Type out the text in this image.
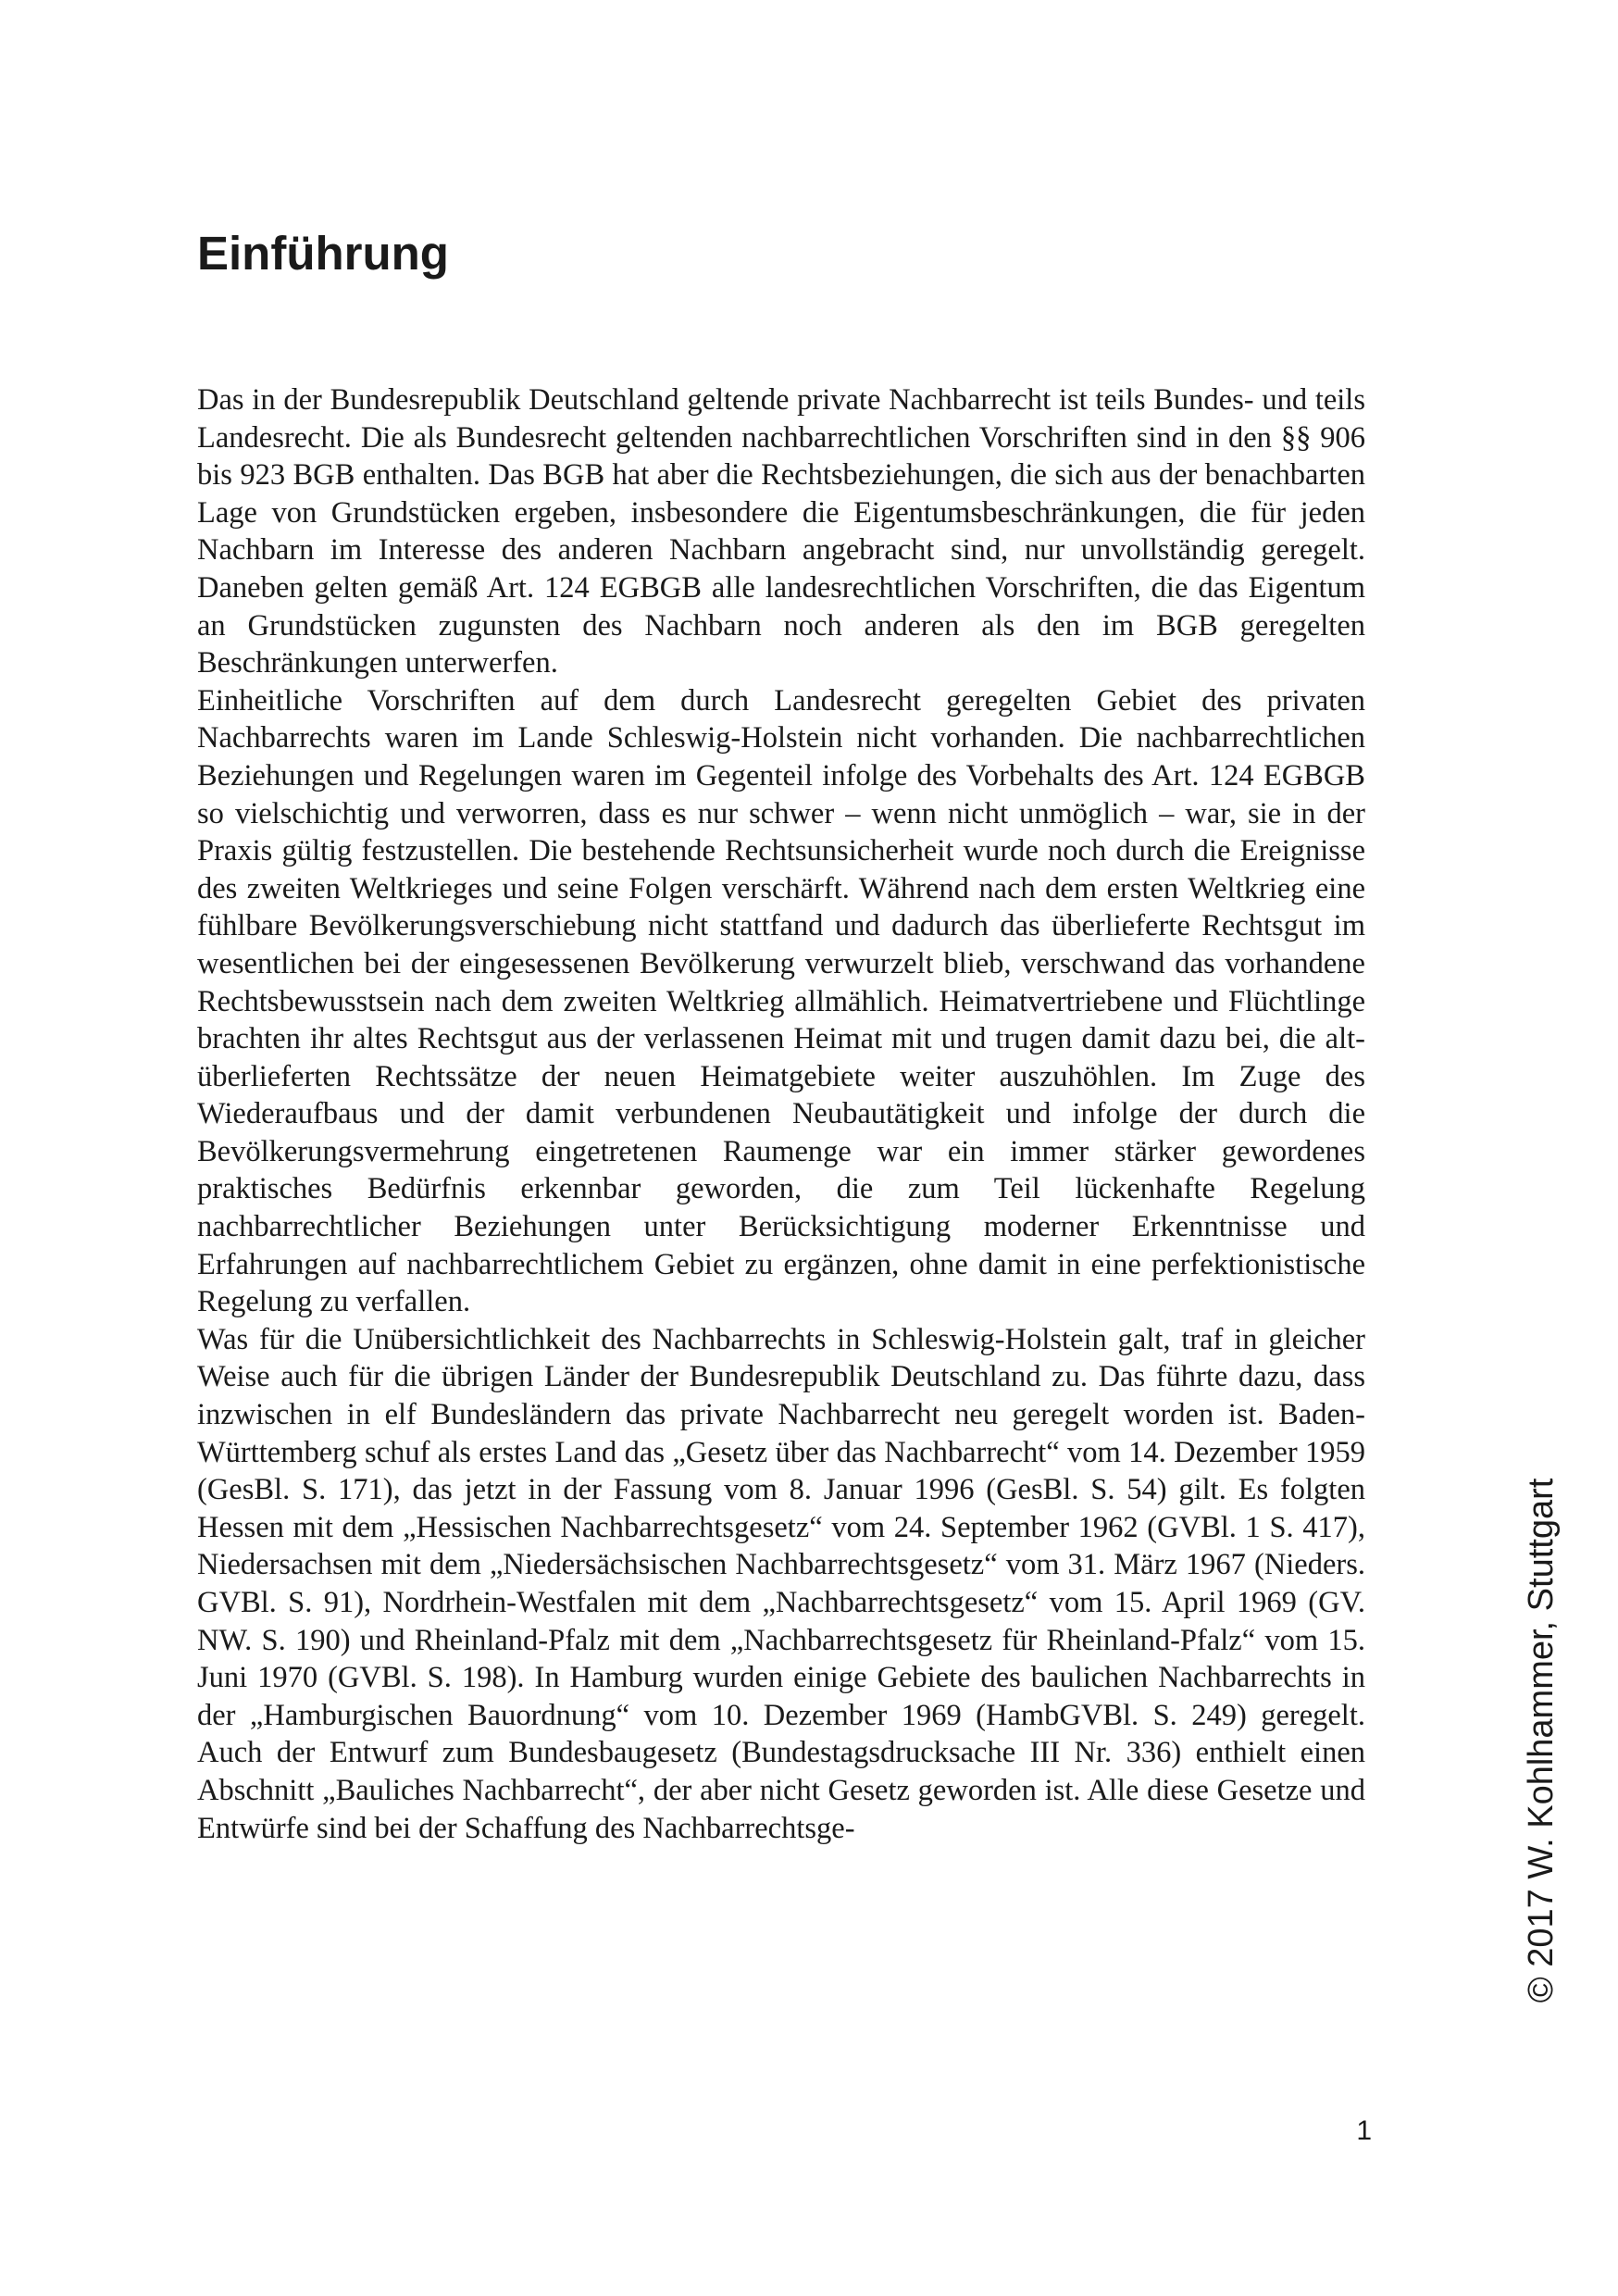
Einführung

Das in der Bundesrepublik Deutschland geltende private Nachbarrecht ist teils Bundes- und teils Landesrecht. Die als Bundesrecht geltenden nachbarrechtlichen Vorschriften sind in den §§ 906 bis 923 BGB enthalten. Das BGB hat aber die Rechtsbeziehungen, die sich aus der benachbarten Lage von Grundstücken ergeben, insbesondere die Eigentumsbeschränkungen, die für jeden Nachbarn im Interesse des anderen Nachbarn angebracht sind, nur unvollständig geregelt. Daneben gelten gemäß Art. 124 EGBGB alle landesrechtlichen Vorschriften, die das Eigentum an Grundstücken zugunsten des Nachbarn noch anderen als den im BGB geregelten Beschränkungen unterwerfen.

Einheitliche Vorschriften auf dem durch Landesrecht geregelten Gebiet des privaten Nachbarrechts waren im Lande Schleswig-Holstein nicht vorhanden. Die nachbarrechtlichen Beziehungen und Regelungen waren im Gegenteil infolge des Vorbehalts des Art. 124 EGBGB so vielschichtig und verworren, dass es nur schwer – wenn nicht unmöglich – war, sie in der Praxis gültig festzustellen. Die bestehende Rechtsunsicherheit wurde noch durch die Ereignisse des zweiten Weltkrieges und seine Folgen verschärft. Während nach dem ersten Weltkrieg eine fühlbare Bevölkerungsverschiebung nicht stattfand und dadurch das überlieferte Rechtsgut im wesentlichen bei der eingesessenen Bevölkerung verwurzelt blieb, verschwand das vorhandene Rechtsbewusstsein nach dem zweiten Weltkrieg allmählich. Heimatvertriebene und Flüchtlinge brachten ihr altes Rechtsgut aus der verlassenen Heimat mit und trugen damit dazu bei, die altüberlieferten Rechtssätze der neuen Heimatgebiete weiter auszuhöhlen. Im Zuge des Wiederaufbaus und der damit verbundenen Neubautätigkeit und infolge der durch die Bevölkerungsvermehrung eingetretenen Raumenge war ein immer stärker gewordenes praktisches Bedürfnis erkennbar geworden, die zum Teil lückenhafte Regelung nachbarrechtlicher Beziehungen unter Berücksichtigung moderner Erkenntnisse und Erfahrungen auf nachbarrechtlichem Gebiet zu ergänzen, ohne damit in eine perfektionistische Regelung zu verfallen.

Was für die Unübersichtlichkeit des Nachbarrechts in Schleswig-Holstein galt, traf in gleicher Weise auch für die übrigen Länder der Bundesrepublik Deutschland zu. Das führte dazu, dass inzwischen in elf Bundesländern das private Nachbarrecht neu geregelt worden ist. Baden-Württemberg schuf als erstes Land das „Gesetz über das Nachbarrecht“ vom 14. Dezember 1959 (GesBl. S. 171), das jetzt in der Fassung vom 8. Januar 1996 (GesBl. S. 54) gilt. Es folgten Hessen mit dem „Hessischen Nachbarrechtsgesetz“ vom 24. September 1962 (GVBl. 1 S. 417), Niedersachsen mit dem „Niedersächsischen Nachbarrechtsgesetz“ vom 31. März 1967 (Nieders. GVBl. S. 91), Nordrhein-Westfalen mit dem „Nachbarrechtsgesetz“ vom 15. April 1969 (GV. NW. S. 190) und Rheinland-Pfalz mit dem „Nachbarrechtsgesetz für Rheinland-Pfalz“ vom 15. Juni 1970 (GVBl. S. 198). In Hamburg wurden einige Gebiete des baulichen Nachbarrechts in der „Hamburgischen Bauordnung“ vom 10. Dezember 1969 (HambGVBl. S. 249) geregelt. Auch der Entwurf zum Bundesbaugesetz (Bundestagsdrucksache III Nr. 336) enthielt einen Abschnitt „Bauliches Nachbarrecht“, der aber nicht Gesetz geworden ist. Alle diese Gesetze und Entwürfe sind bei der Schaffung des Nachbarrechtsge-	© 2017 W. Kohlhammer, Stuttgart
1
